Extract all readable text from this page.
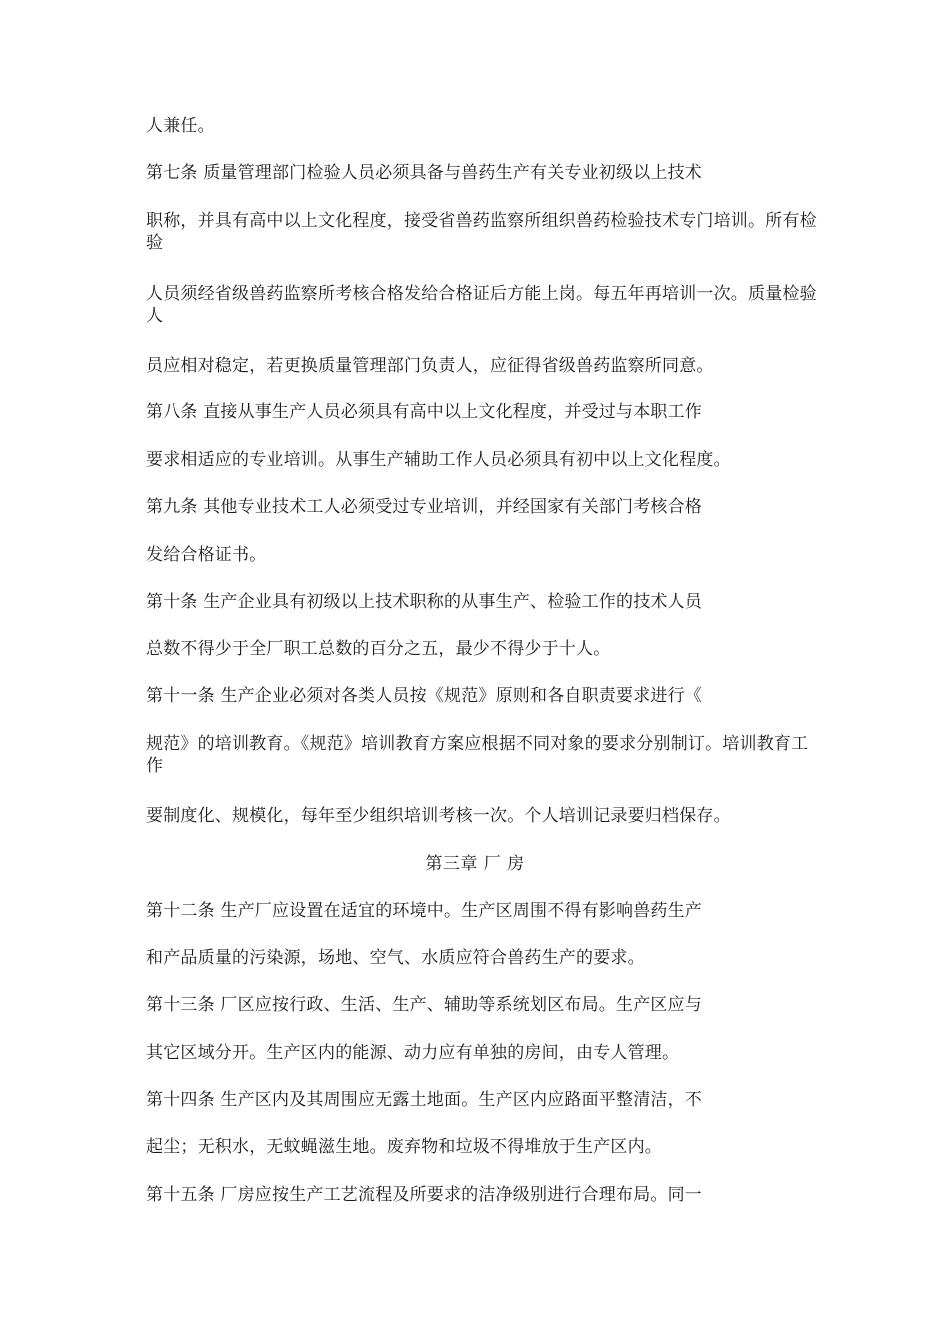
人兼任。
第七条 质量管理部门检验人员必须具备与兽药生产有关专业初级以上技术
职称，并具有高中以上文化程度，接受省兽药监察所组织兽药检验技术专门培训。所有检验
人员须经省级兽药监察所考核合格发给合格证后方能上岗。每五年再培训一次。质量检验人
员应相对稳定，若更换质量管理部门负责人，应征得省级兽药监察所同意。
第八条 直接从事生产人员必须具有高中以上文化程度，并受过与本职工作
要求相适应的专业培训。从事生产辅助工作人员必须具有初中以上文化程度。
第九条 其他专业技术工人必须受过专业培训，并经国家有关部门考核合格
发给合格证书。
第十条 生产企业具有初级以上技术职称的从事生产、检验工作的技术人员
总数不得少于全厂职工总数的百分之五，最少不得少于十人。
第十一条 生产企业必须对各类人员按《规范》原则和各自职责要求进行《
规范》的培训教育。《规范》培训教育方案应根据不同对象的要求分别制订。培训教育工作
要制度化、规模化，每年至少组织培训考核一次。个人培训记录要归档保存。
第三章 厂 房
第十二条 生产厂应设置在适宜的环境中。生产区周围不得有影响兽药生产
和产品质量的污染源，场地、空气、水质应符合兽药生产的要求。
第十三条 厂区应按行政、生活、生产、辅助等系统划区布局。生产区应与
其它区域分开。生产区内的能源、动力应有单独的房间，由专人管理。
第十四条 生产区内及其周围应无露土地面。生产区内应路面平整清洁，不
起尘；无积水，无蚊蝇滋生地。废弃物和垃圾不得堆放于生产区内。
第十五条 厂房应按生产工艺流程及所要求的洁净级别进行合理布局。同一
